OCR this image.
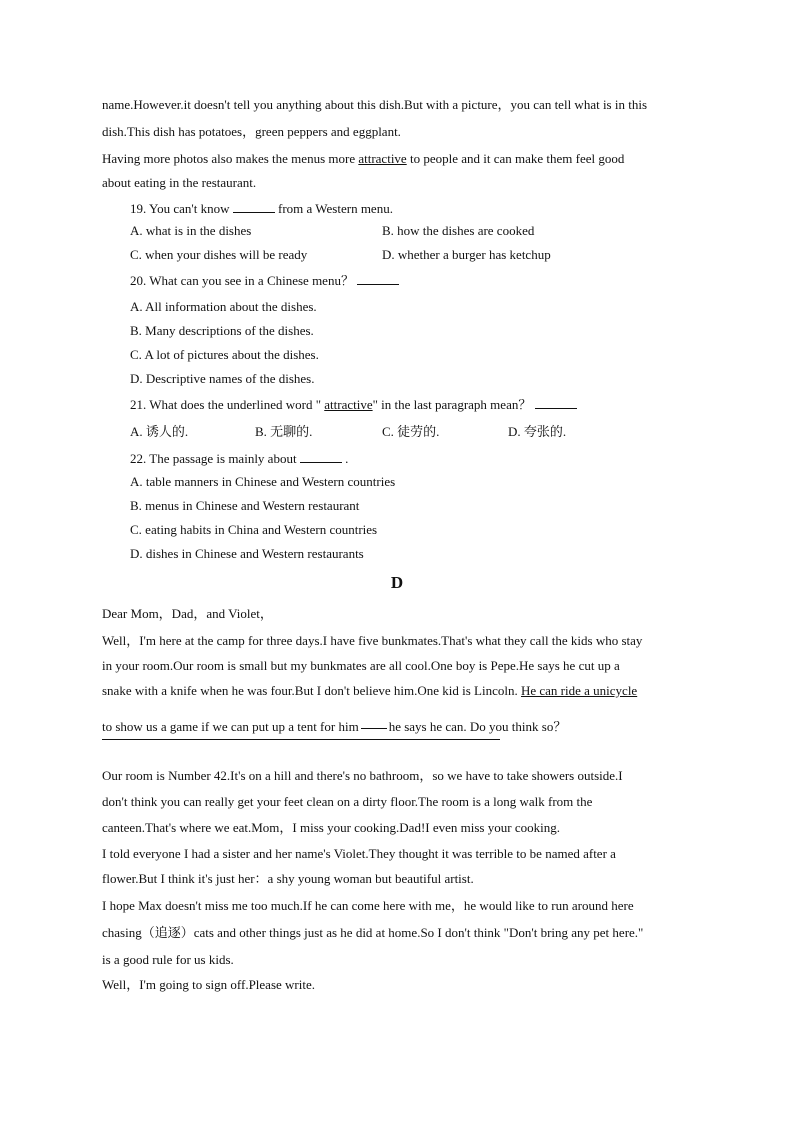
name.However.it doesn't tell you anything about this dish.But with a picture，you can tell what is in this
dish.This dish has potatoes，green peppers and eggplant.
Having more photos also makes the menus more attractive to people and it can make them feel good
about eating in the restaurant.
19. You can't know	from a Western menu.
A. what is in the dishes	B. how the dishes are cooked
C. when your dishes will be ready	D. whether a burger has ketchup
20. What can you see in a Chinese menu？
A. All information about the dishes.
B. Many descriptions of the dishes.
C. A lot of pictures about the dishes.
D. Descriptive names of the dishes.
21. What does the underlined word " attractive" in the last paragraph mean？
A. 诱人的.	B. 无聊的.	C. 徒劳的.	D. 夸张的.
22. The passage is mainly about	.
A. table manners in Chinese and Western countries
B. menus in Chinese and Western restaurant
C. eating habits in China and Western countries
D. dishes in Chinese and Western restaurants
D
Dear Mom，Dad，and Violet，
Well，I'm here at the camp for three days.I have five bunkmates.That's what they call the kids who stay
in your room.Our room is small but my bunkmates are all cool.One boy is Pepe.He says he cut up a
snake with a knife when he was four.But I don't believe him.One kid is Lincoln. He can ride a unicycle
to show us a game if we can put up a tent for him he says he can. Do you think so？
Our room is Number 42.It's on a hill and there's no bathroom，so we have to take showers outside.I
don't think you can really get your feet clean on a dirty floor.The room is a long walk from the
canteen.That's where we eat.Mom，I miss your cooking.Dad!I even miss your cooking.
I told everyone I had a sister and her name's Violet.They thought it was terrible to be named after a
flower.But I think it's just her：a shy young woman but beautiful artist.
I hope Max doesn't miss me too much.If he can come here with me，he would like to run around here
chasing（追逐）cats and other things just as he did at home.So I don't think "Don't bring any pet here."
is a good rule for us kids.
Well，I'm going to sign off.Please write.
